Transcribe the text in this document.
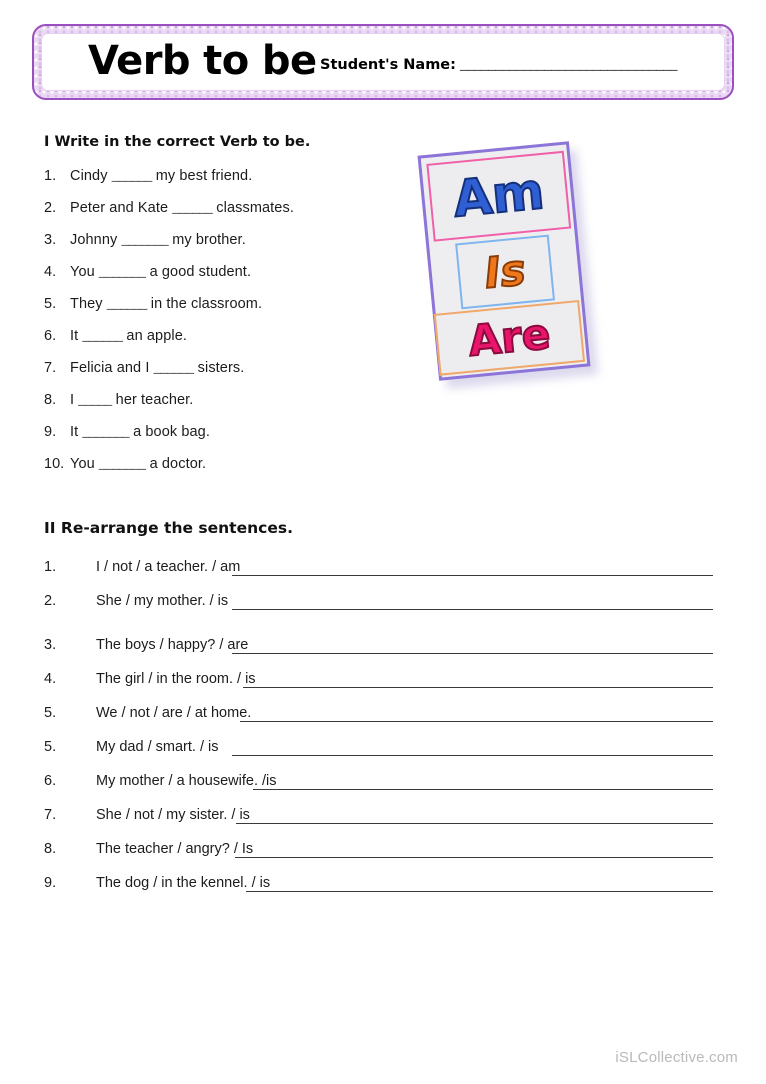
Verb to be Student's Name: _______________________________
I Write in the correct Verb to be.
1. Cindy ______ my best friend.
2. Peter and Kate ______ classmates.
3. Johnny _______ my brother.
4. You _______ a good student.
5. They ______ in the classroom.
6. It ______ an apple.
7. Felicia and I ______ sisters.
8. I _____ her teacher.
9. It _______ a book bag.
10. You _______ a doctor.
Am
Is
Are
II Re-arrange the sentences.
1.	I / not / a teacher. / am
2.	She / my mother. / is
3.	The boys / happy? / are
4.	The girl / in the room. / is
5.	We / not / are / at home.
5.	My dad / smart. / is
6.	My mother / a housewife. /is
7.	She / not / my sister. / is
8.	The teacher / angry? / Is
9.	The dog / in the kennel. / is
iSLCollective.com
